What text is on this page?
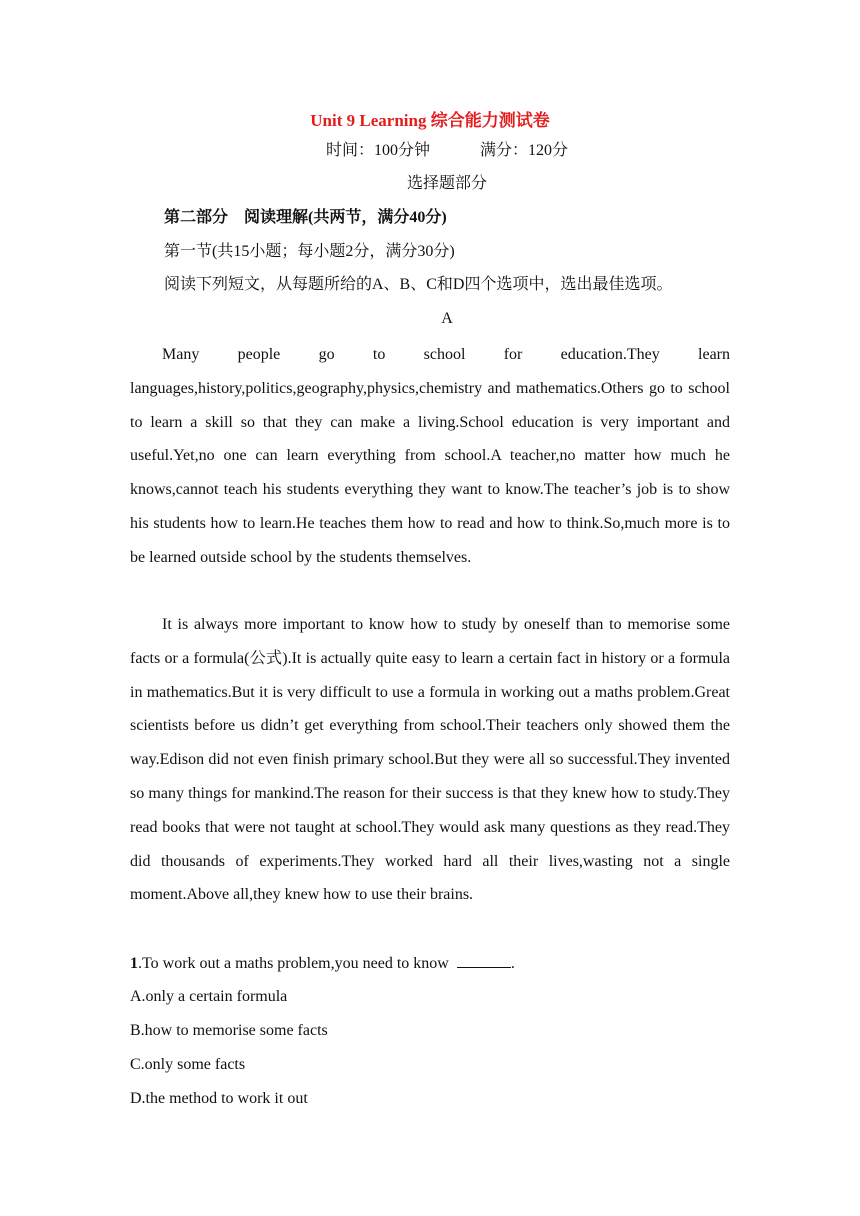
Unit 9 Learning 综合能力测试卷
时间：100分钟	满分：120分
选择题部分
第二部分　阅读理解(共两节，满分40分)
第一节(共15小题；每小题2分，满分30分)
阅读下列短文，从每题所给的A、B、C和D四个选项中，选出最佳选项。
A

Many people go to school for education.They learn languages,history,politics,geography,physics,chemistry and mathematics.Others go to school to learn a skill so that they can make a living.School education is very important and useful.Yet,no one can learn everything from school.A teacher,no matter how much he knows,cannot teach his students everything they want to know.The teacher’s job is to show his students how to learn.He teaches them how to read and how to think.So,much more is to be learned outside school by the students themselves.

It is always more important to know how to study by oneself than to memorise some facts or a formula(公式).It is actually quite easy to learn a certain fact in history or a formula in mathematics.But it is very difficult to use a formula in working out a maths problem.Great scientists before us didn’t get everything from school.Their teachers only showed them the way.Edison did not even finish primary school.But they were all so successful.They invented so many things for mankind.The reason for their success is that they knew how to study.They read books that were not taught at school.They would ask many questions as they read.They did thousands of experiments.They worked hard all their lives,wasting not a single moment.Above all,they knew how to use their brains.

1.To work out a maths problem,you need to know	.
A.only a certain formula
B.how to memorise some facts
C.only some facts
D.the method to work it out
